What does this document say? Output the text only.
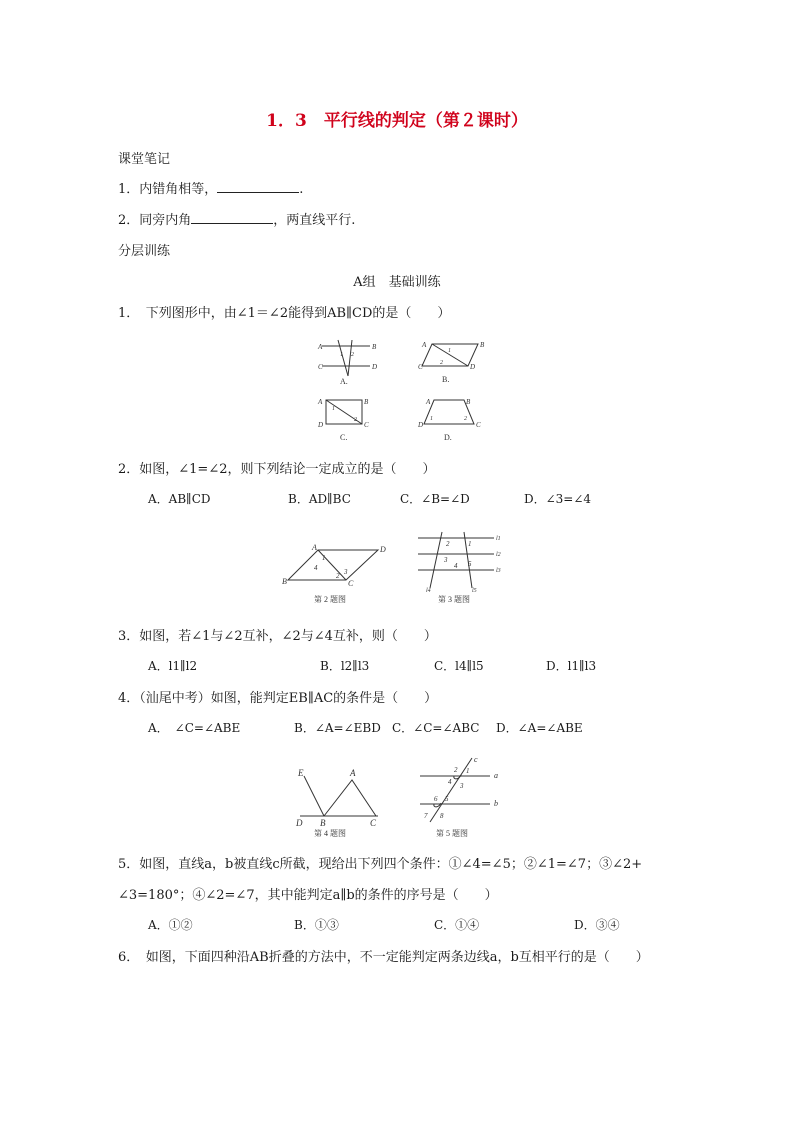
1．3　平行线的判定（第２课时）
课堂笔记
1．内错角相等，	.
2．同旁内角	，两直线平行.
分层训练
A组　基础训练
1．　下列图形中，由∠1＝∠2能得到AB∥CD的是（　　）
A	B
C	D
1 2
A.
A	B
C	D
1
2
B.
A	B
D	C
1
2
C.
A	B
D	C
1	2
D.
2．如图，∠1=∠2，则下列结论一定成立的是（　　）
A．AB∥CD	B．AD∥BC	C．∠B=∠D	D．∠3=∠4
A	D
B	C
1
4
2 3
第 2 题图
l1
l2
l3
l4	l5
2	1
3
4 5
第 3 题图
3．如图，若∠1与∠2互补，∠2与∠4互补，则（　　）
A．l1∥l2	B．l2∥l3	C．l4∥l5	D．l1∥l3
4．（汕尾中考）如图，能判定EB∥AC的条件是（　　）
A．　∠C=∠ABE	B．∠A=∠EBD C．∠C=∠ABC D．∠A=∠ABE
E	A
D B	C
第 4 题图
a
b
c
2 1
4 3
6 5
7 8
第 5 题图
5．如图，直线a，b被直线c所截，现给出下列四个条件：①∠4=∠5；②∠1=∠7；③∠2+
∠3=180°；④∠2=∠7，其中能判定a∥b的条件的序号是（　　）
A．①②	B．①③	C．①④	D．③④
6．　如图，下面四种沿AB折叠的方法中，不一定能判定两条边线a，b互相平行的是（　　）
